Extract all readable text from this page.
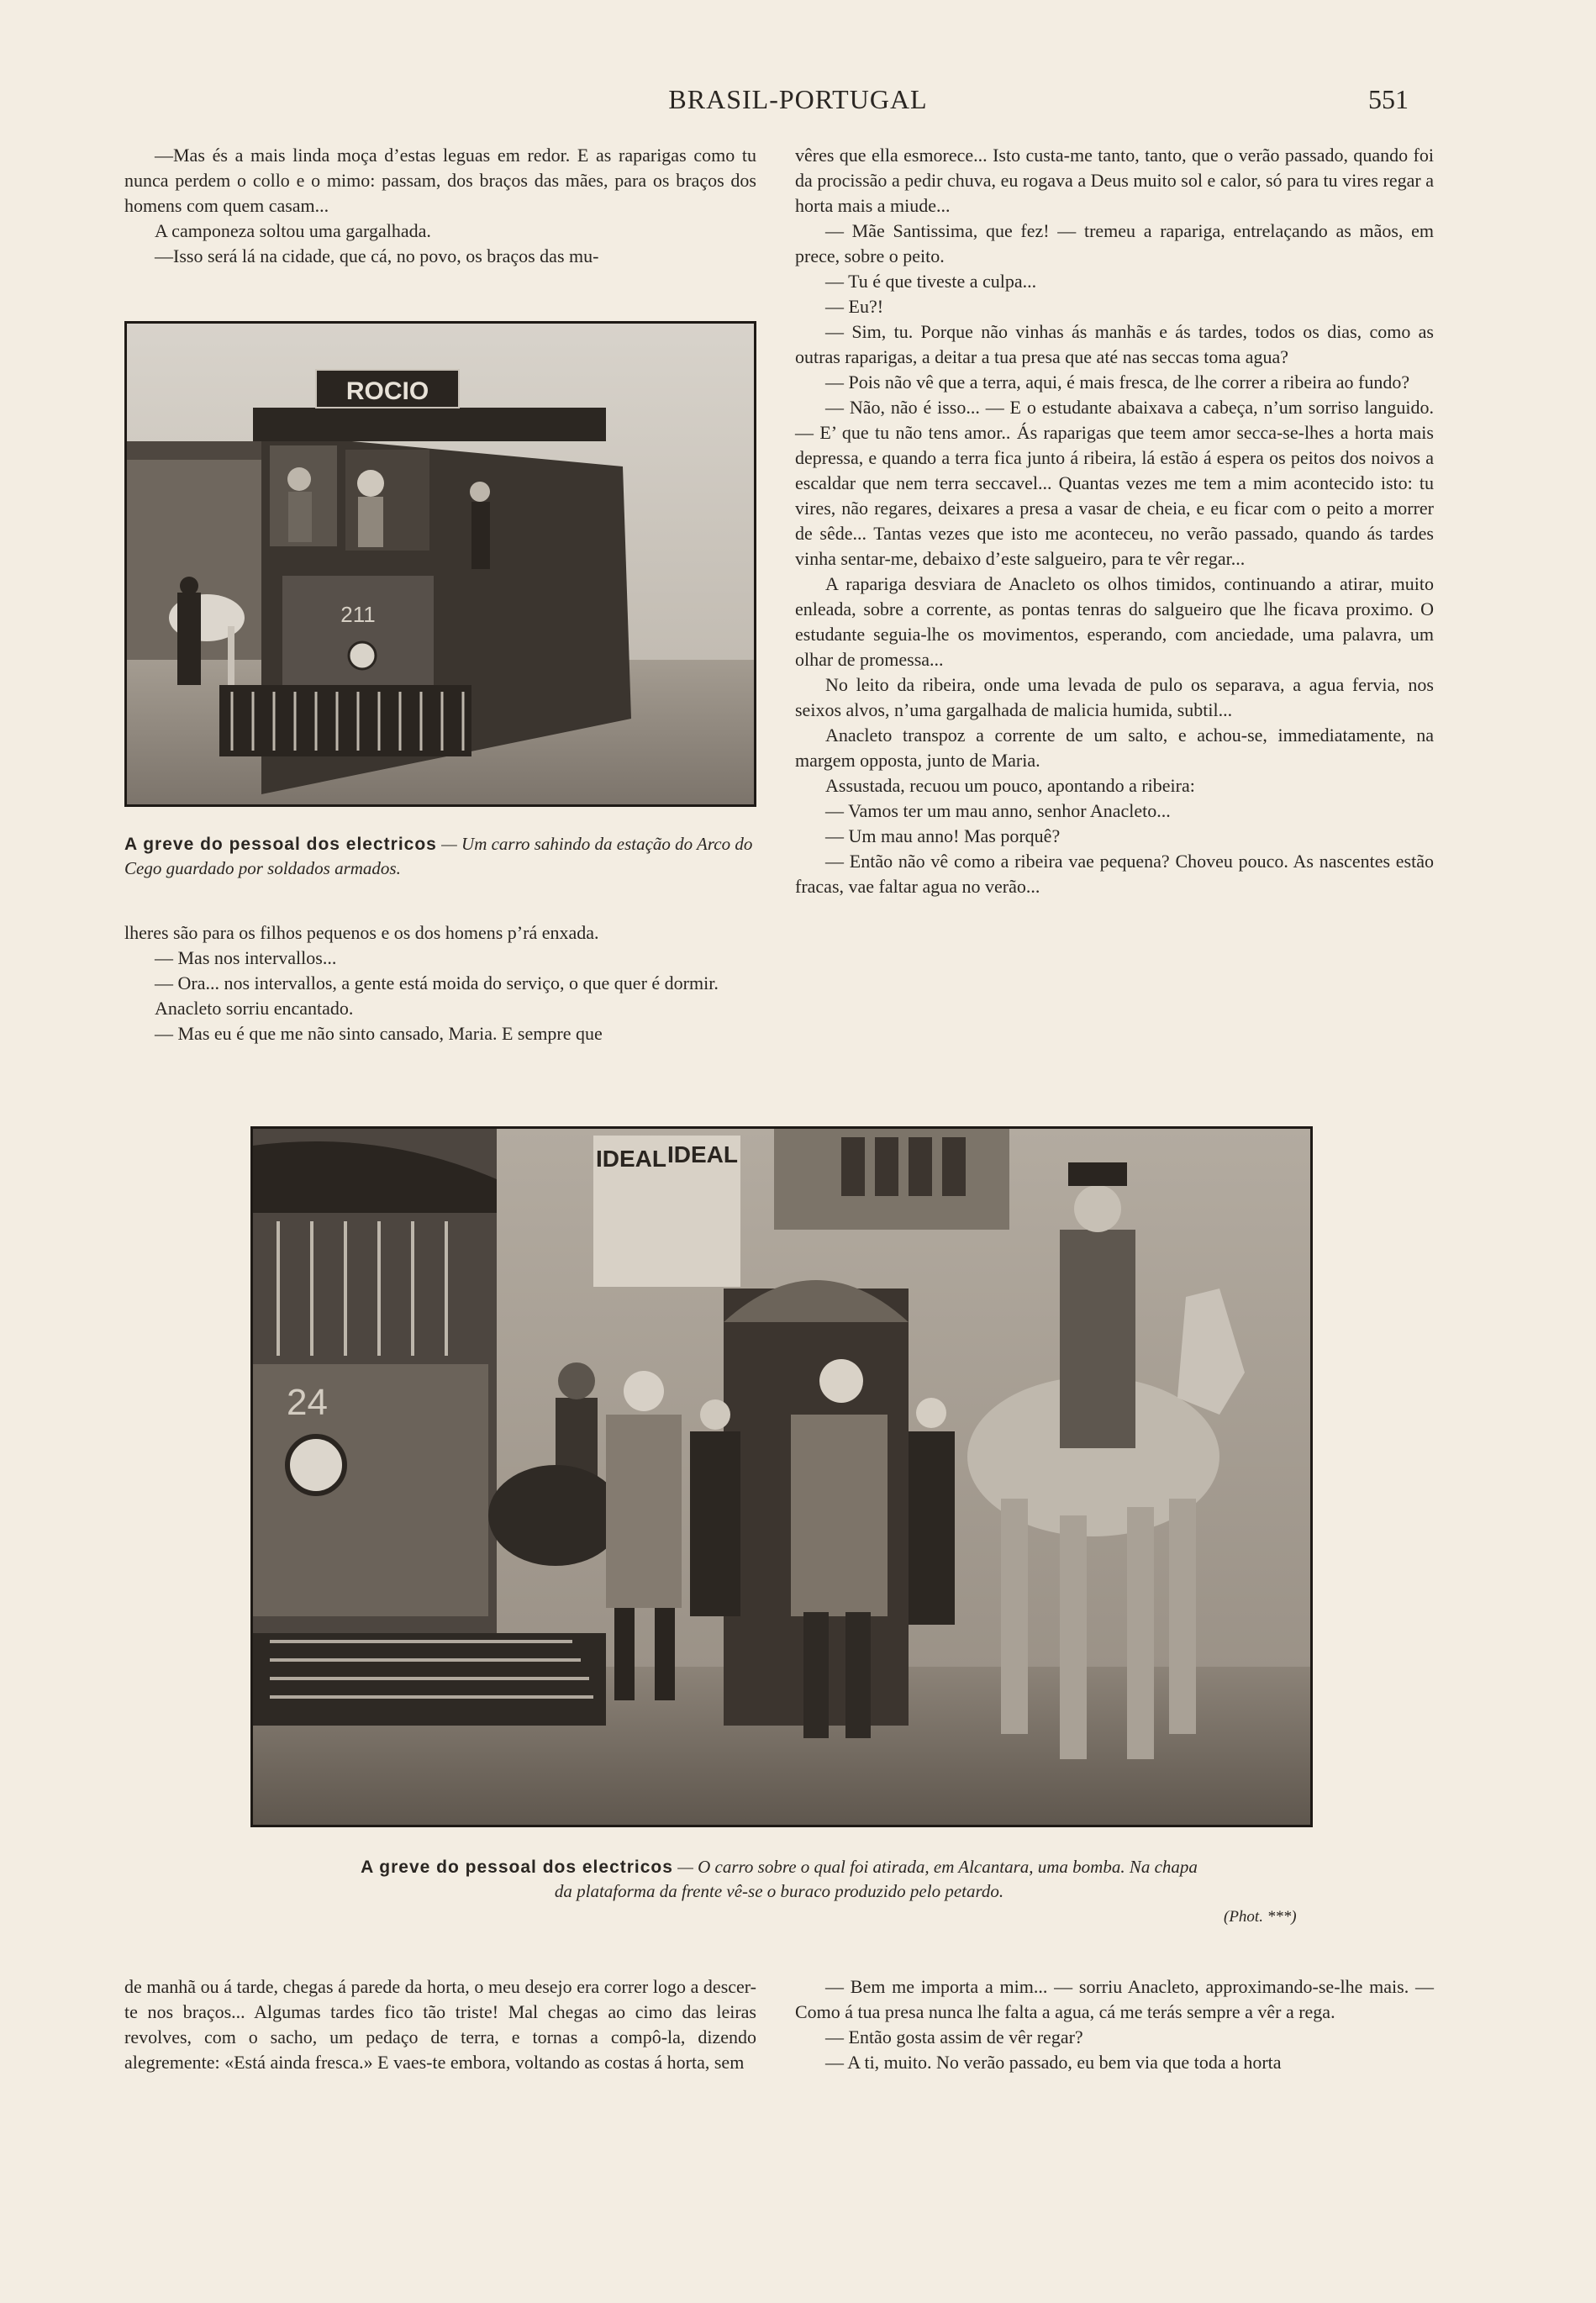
BRASIL-PORTUGAL	551

—Mas és a mais linda moça d’estas leguas em redor. E as raparigas como tu nunca perdem o collo e o mimo: passam, dos braços das mães, para os braços dos homens com quem casam...

A camponeza soltou uma gargalhada.

—Isso será lá na cidade, que cá, no povo, os braços das mu-

ROCIO
211
A greve do pessoal dos electricos — Um carro sahindo da estação do Arco do Cego guardado por soldados armados.

lheres são para os filhos pequenos e os dos homens p’rá enxada.

— Mas nos intervallos...

— Ora... nos intervallos, a gente está moida do serviço, o que quer é dormir.

Anacleto sorriu encantado.

— Mas eu é que me não sinto cansado, Maria. E sempre que

vêres que ella esmorece... Isto custa-me tanto, tanto, que o verão passado, quando foi da procissão a pedir chuva, eu rogava a Deus muito sol e calor, só para tu vires regar a horta mais a miude...

— Mãe Santissima, que fez! — tremeu a rapariga, entrelaçando as mãos, em prece, sobre o peito.

— Tu é que tiveste a culpa...

— Eu?!

— Sim, tu. Porque não vinhas ás manhãs e ás tardes, todos os dias, como as outras raparigas, a deitar a tua presa que até nas seccas toma agua?

— Pois não vê que a terra, aqui, é mais fresca, de lhe correr a ribeira ao fundo?

— Não, não é isso... — E o estudante abaixava a cabeça, n’um sorriso languido. — E’ que tu não tens amor.. Ás raparigas que teem amor secca-se-lhes a horta mais depressa, e quando a terra fica junto á ribeira, lá estão á espera os peitos dos noivos a escaldar que nem terra seccavel... Quantas vezes me tem a mim acontecido isto: tu vires, não regares, deixares a presa a vasar de cheia, e eu ficar com o peito a morrer de sêde... Tantas vezes que isto me aconteceu, no verão passado, quando ás tardes vinha sentar-me, debaixo d’este salgueiro, para te vêr regar...

A rapariga desviara de Anacleto os olhos timidos, continuando a atirar, muito enleada, sobre a corrente, as pontas tenras do salgueiro que lhe ficava proximo. O estudante seguia-lhe os movimentos, esperando, com anciedade, uma palavra, um olhar de promessa...

No leito da ribeira, onde uma levada de pulo os separava, a agua fervia, nos seixos alvos, n’uma gargalhada de malicia humida, subtil...

Anacleto transpoz a corrente de um salto, e achou-se, immediatamente, na margem opposta, junto de Maria.

Assustada, recuou um pouco, apontando a ribeira:

— Vamos ter um mau anno, senhor Anacleto...

— Um mau anno! Mas porquê?

— Então não vê como a ribeira vae pequena? Choveu pouco. As nascentes estão fracas, vae faltar agua no verão...

IDEAL IDEAL
24
A greve do pessoal dos electricos — O carro sobre o qual foi atirada, em Alcantara, uma bomba. Na chapa
da plataforma da frente vê-se o buraco produzido pelo petardo.
(Phot. ***)

de manhã ou á tarde, chegas á parede da horta, o meu desejo era correr logo a descer-te nos braços... Algumas tardes fico tão triste! Mal chegas ao cimo das leiras revolves, com o sacho, um pedaço de terra, e tornas a compô-la, dizendo alegremente: «Está ainda fresca.» E vaes-te embora, voltando as costas á horta, sem

— Bem me importa a mim... — sorriu Anacleto, approximando-se-lhe mais. — Como á tua presa nunca lhe falta a agua, cá me terás sempre a vêr a rega.

— Então gosta assim de vêr regar?

— A ti, muito. No verão passado, eu bem via que toda a horta
